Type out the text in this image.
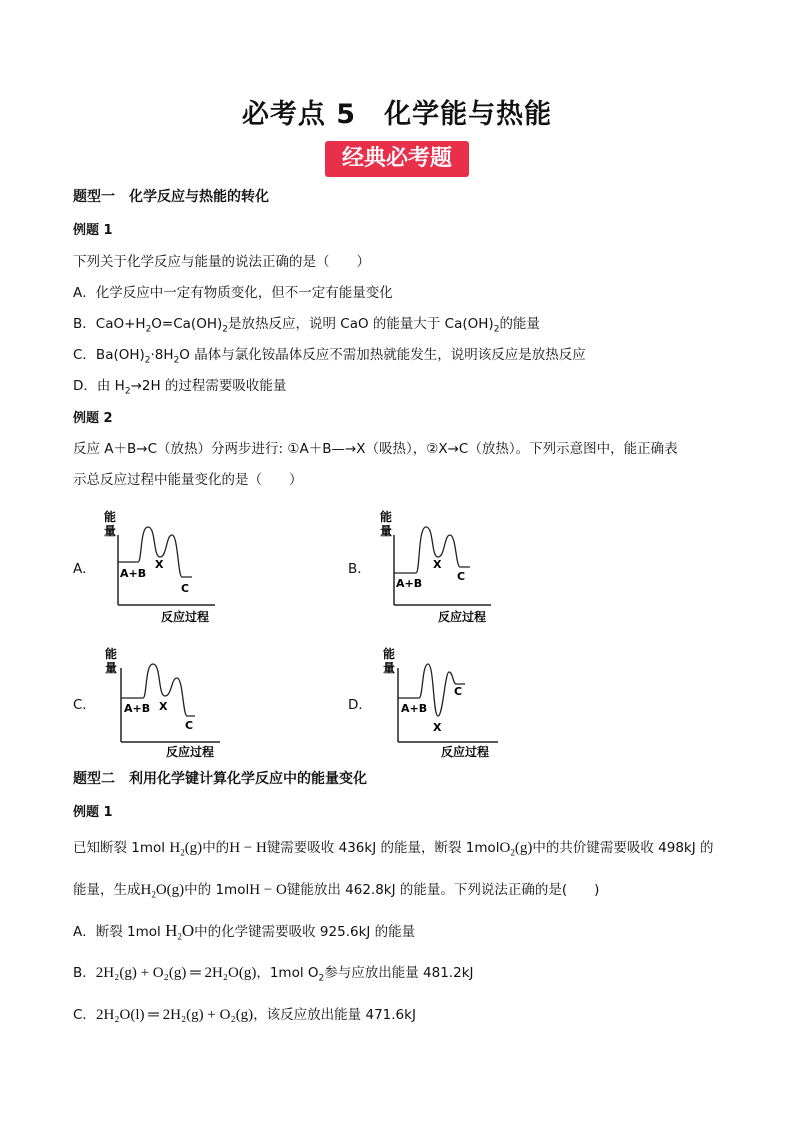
必考点 5　化学能与热能
经典必考题
题型一　化学反应与热能的转化
例题 1
下列关于化学反应与能量的说法正确的是（　　）
A．化学反应中一定有物质变化，但不一定有能量变化
B．$CaO+H_2O=Ca(OH)_2$是放热反应，说明 CaO 的能量大于 $Ca(OH)_2$的能量
C．$Ba(OH)_2\cdot 8H_2O$ 晶体与氯化铵晶体反应不需加热就能发生，说明该反应是放热反应
D．由 $H_2\to 2H$ 的过程需要吸收能量
例题 2
反应 A＋B→C（放热）分两步进行: ①A＋B—→X（吸热），②X→C（放热）。下列示意图中，能正确表
示总反应过程中能量变化的是（　　）
A．	B．
C．	D．
能
量
A+B
X
C
反应过程
能
量
A+B
X
C
反应过程
能
量
A+B X
C
反应过程
能
量
A+B
X
C
反应过程
题型二　利用化学键计算化学反应中的能量变化
例题 1
已知断裂 1mol $H_2(g)$中的H − H键需要吸收 436kJ 的能量，断裂 1molO$_2$(g)中的共价键需要吸收 498kJ 的
能量，生成$H_2O(g)$中的 1molH − O键能放出 462.8kJ 的能量。下列说法正确的是(　　)
A．断裂 1mol $H_2O$中的化学键需要吸收 925.6kJ 的能量
B．2H₂(g) + O₂(g) ═ 2H₂O(g)，1mol $O_2$参与应放出能量 481.2kJ
C．2H₂O(l) ═ 2H₂(g) + O₂(g)，该反应放出能量 471.6kJ
